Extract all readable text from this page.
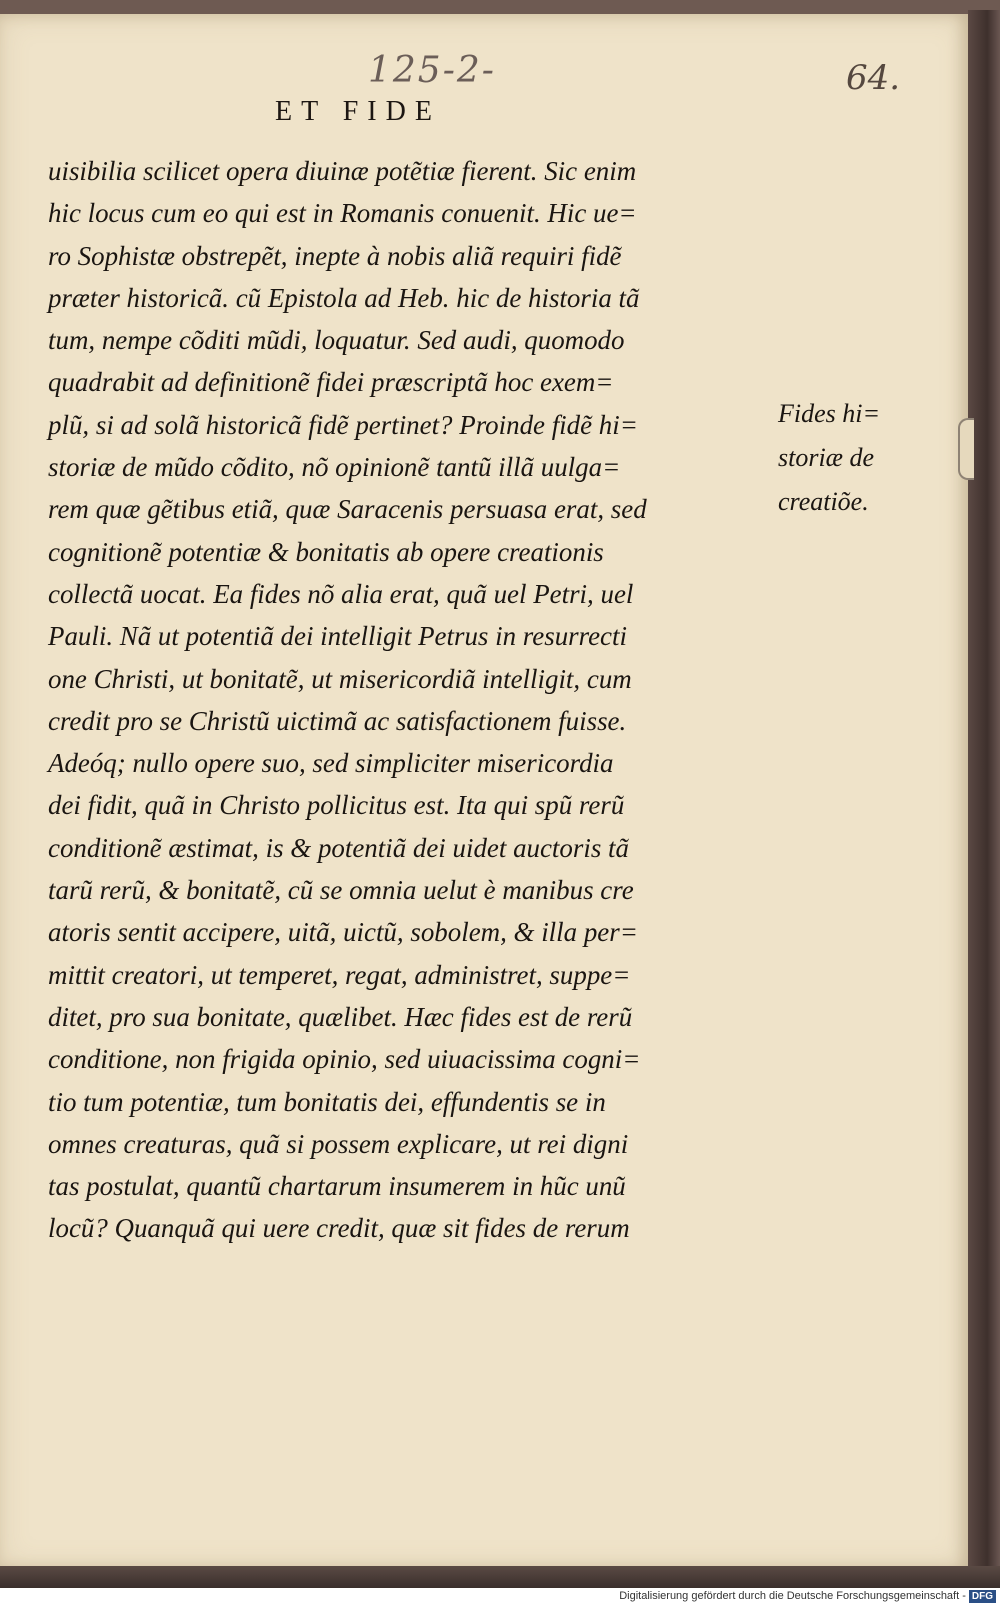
125-2-	64.
ET FIDE
uisibilia scilicet opera diuinæ potẽtiæ fierent. Sic enim
hic locus cum eo qui est in Romanis conuenit. Hic ue=
ro Sophistæ obstrepẽt, inepte à nobis aliã requiri fidẽ
præter historicã. cũ Epistola ad Heb. hic de historia tã
tum, nempe cõditi mũdi, loquatur. Sed audi, quomodo
quadrabit ad definitionẽ fidei præscriptã hoc exem=
plũ, si ad solã historicã fidẽ pertinet? Proinde fidẽ hi=
storiæ de mũdo cõdito, nõ opinionẽ tantũ illã uulga=
rem quæ gẽtibus etiã, quæ Saracenis persuasa erat, sed
cognitionẽ potentiæ & bonitatis ab opere creationis
collectã uocat. Ea fides nõ alia erat, quã uel Petri, uel
Pauli. Nã ut potentiã dei intelligit Petrus in resurrecti
one Christi, ut bonitatẽ, ut misericordiã intelligit, cum
credit pro se Christũ uictimã ac satisfactionem fuisse.
Adeóq; nullo opere suo, sed simpliciter misericordia
dei fidit, quã in Christo pollicitus est. Ita qui spũ rerũ
conditionẽ æstimat, is & potentiã dei uidet auctoris tã
tarũ rerũ, & bonitatẽ, cũ se omnia uelut è manibus cre
atoris sentit accipere, uitã, uictũ, sobolem, & illa per=
mittit creatori, ut temperet, regat, administret, suppe=
ditet, pro sua bonitate, quælibet. Hæc fides est de rerũ
conditione, non frigida opinio, sed uiuacissima cogni=
tio tum potentiæ, tum bonitatis dei, effundentis se in
omnes creaturas, quã si possem explicare, ut rei digni
tas postulat, quantũ chartarum insumerem in hũc unũ
locũ? Quanquã qui uere credit, quæ sit fides de rerum
Fides hi=
storiæ de
creatiõe.
Digitalisierung gefördert durch die Deutsche Forschungsgemeinschaft - DFG
